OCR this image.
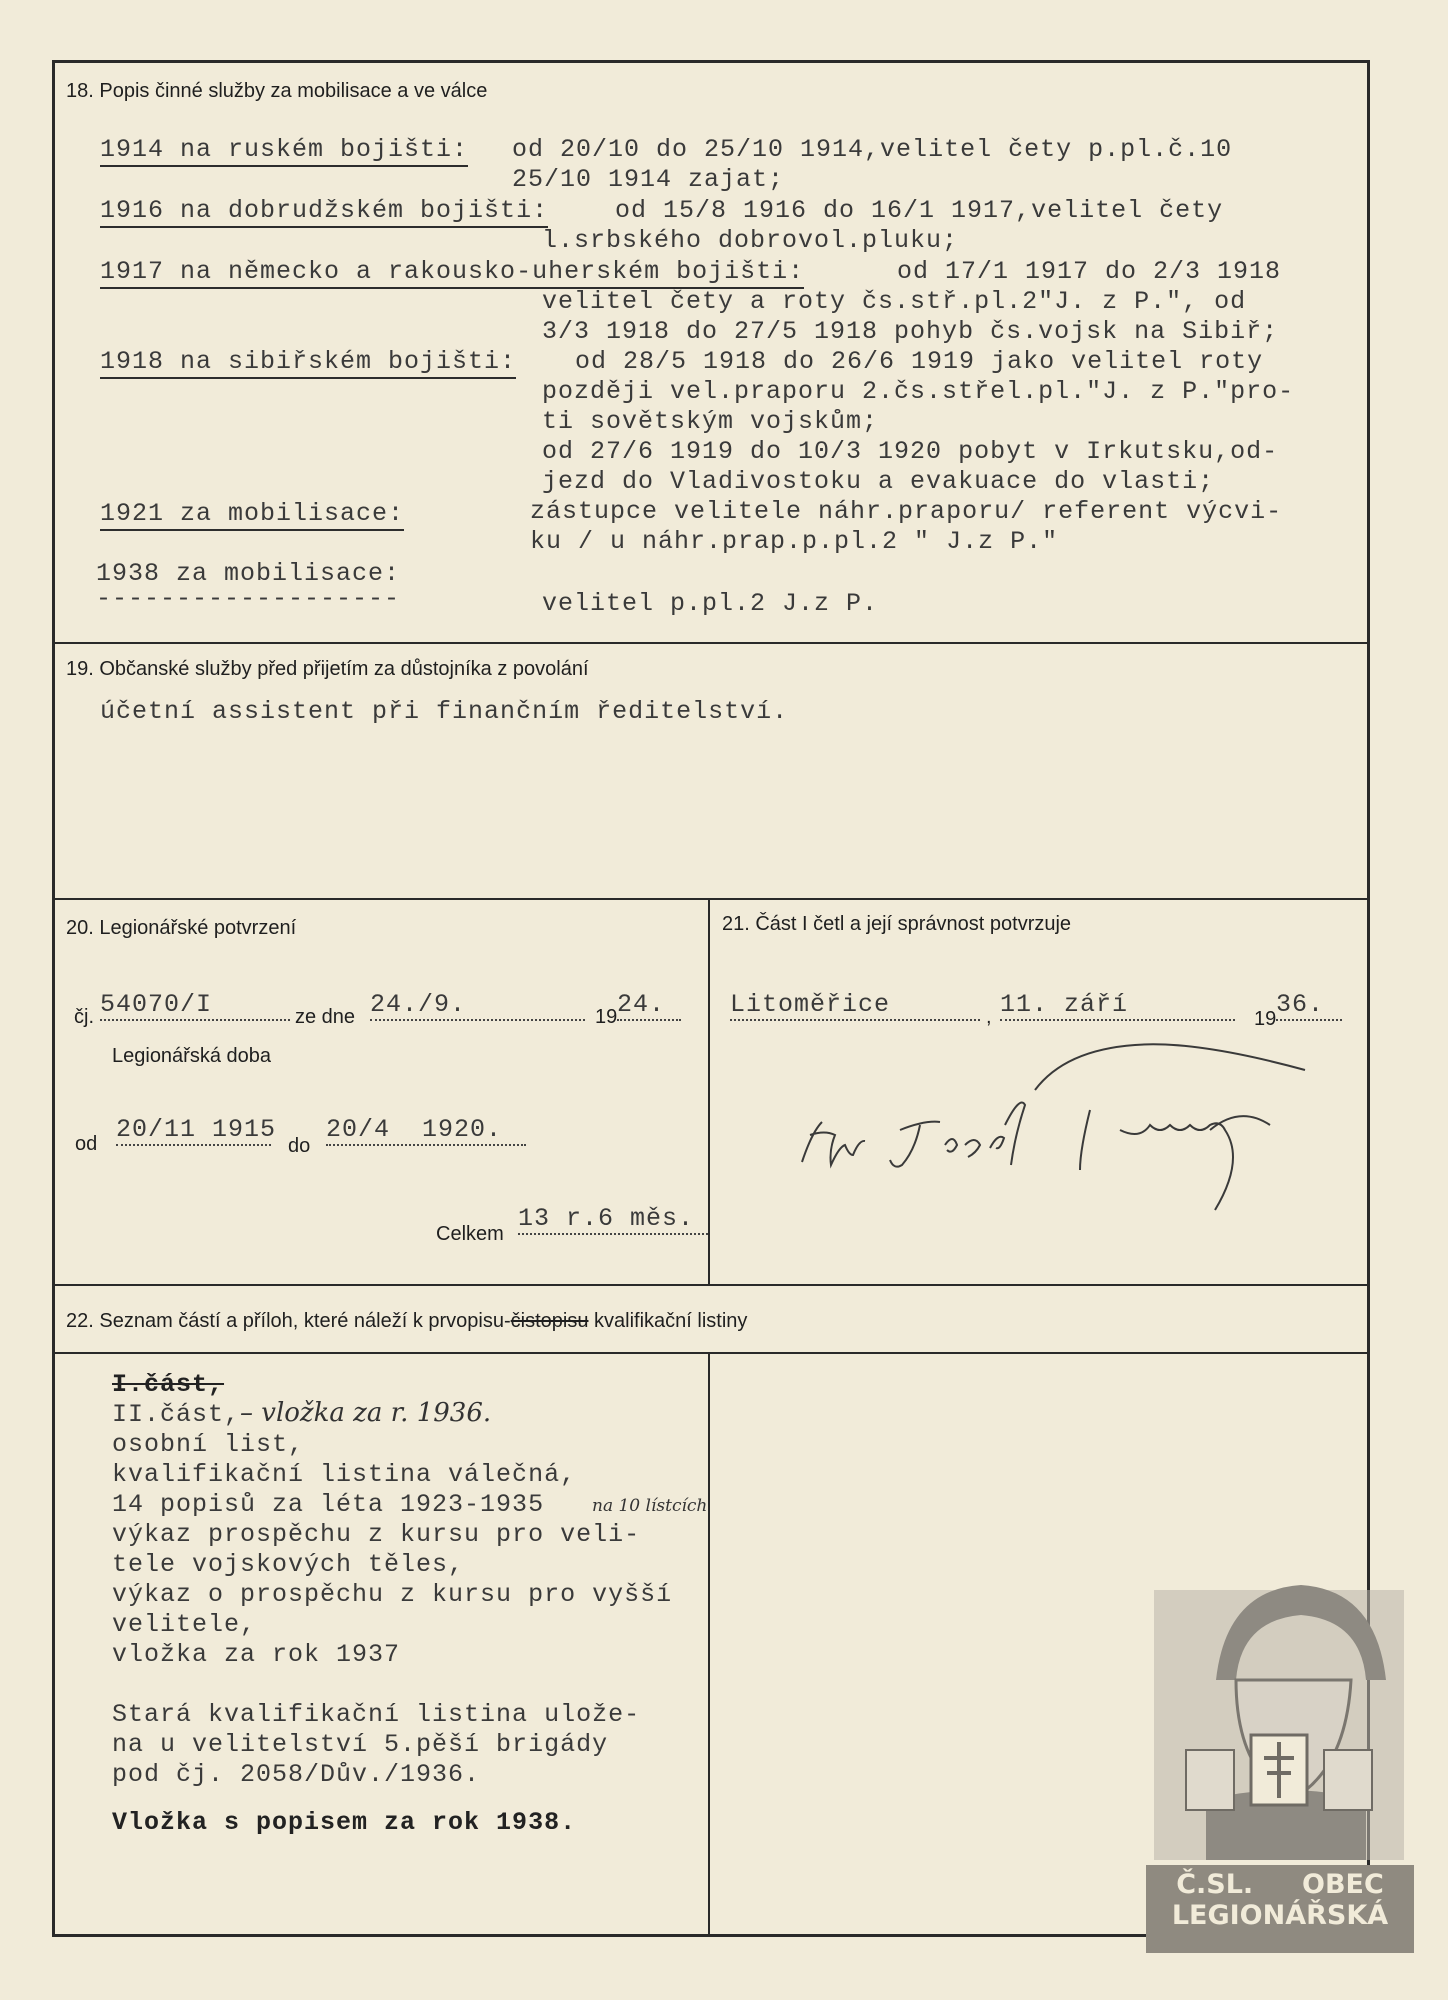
18. Popis činné služby za mobilisace a ve válce
1914 na ruském bojišti: od 20/10 do 25/10 1914,velitel čety p.pl.č.10
25/10 1914 zajat;
1916 na dobrudžském bojišti:	od 15/8 1916 do 16/1 1917,velitel čety
l.srbského dobrovol.pluku;
1917 na německo a rakousko-uherském bojišti:	od 17/1 1917 do 2/3 1918
velitel čety a roty čs.stř.pl.2"J. z P.", od
3/3 1918 do 27/5 1918 pohyb čs.vojsk na Sibiř;
1918 na sibiřském bojišti: od 28/5 1918 do 26/6 1919 jako velitel roty
později vel.praporu 2.čs.střel.pl."J. z P."pro-
ti sovětským vojskům;
od 27/6 1919 do 10/3 1920 pobyt v Irkutsku,od-
jezd do Vladivostoku a evakuace do vlasti;
1921 za mobilisace:	zástupce velitele náhr.praporu/ referent výcvi-
ku / u náhr.prap.p.pl.2 " J.z P."
1938 za mobilisace:
-------------------	velitel p.pl.2 J.z P.
19. Občanské služby před přijetím za důstojníka z povolání
účetní assistent při finančním ředitelství.
20. Legionářské potvrzení
čj. 54070/I	ze dne 24./9.	19 24.
Legionářská doba
od 20/11 1915
do
20/4  1920.
Celkem
13 r.6 měs.
21. Část I četl a její správnost potvrzuje
Litoměřice	, 11. září	19 36.
22. Seznam částí a příloh, které náleží k prvopisu-čistopisu kvalifikační listiny
I.část,
II.část, – vložka za r. 1936.
osobní list,
kvalifikační listina válečná,
14 popisů za léta 1923-1935	na 10 lístcích
výkaz prospěchu z kursu pro veli-
tele vojskových těles,
výkaz o prospěchu z kursu pro vyšší
velitele,
vložka za rok 1937
Stará kvalifikační listina ulože-
na u velitelství 5.pěší brigády
pod čj. 2058/Dův./1936.
Vložka s popisem za rok 1938.
Č.SL. OBEC
LEGIONÁŘSKÁ
